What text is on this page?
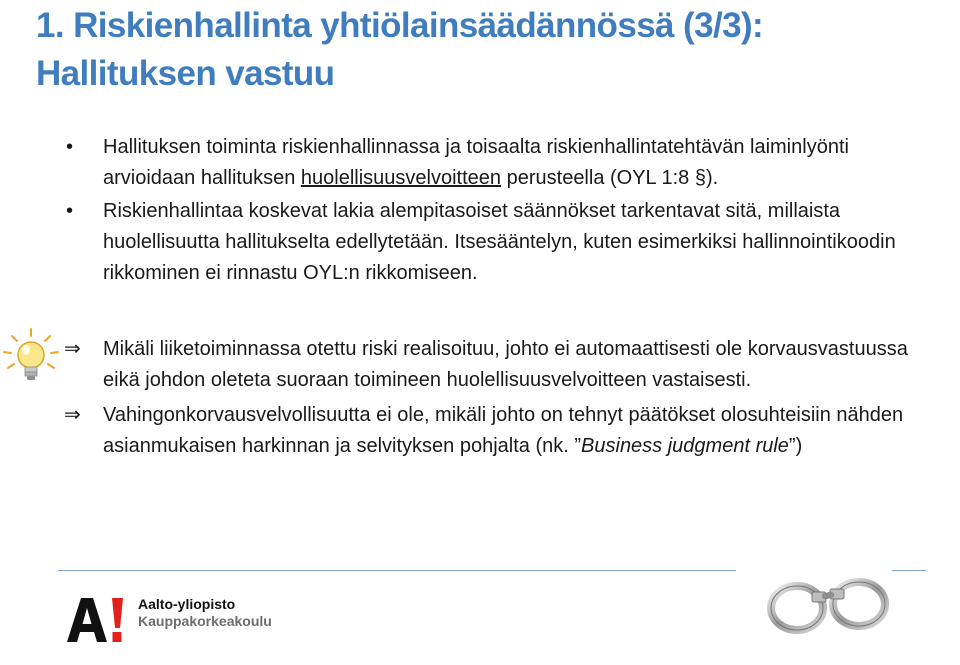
1. Riskienhallinta yhtiölainsäädännössä (3/3):
Hallituksen vastuu
• Hallituksen toiminta riskienhallinnassa ja toisaalta riskienhallintatehtävän laiminlyönti arvioidaan hallituksen huolellisuusvelvoitteen perusteella (OYL 1:8 §).
• Riskienhallintaa koskevat lakia alempitasoiset säännökset tarkentavat sitä, millaista huolellisuutta hallitukselta edellytetään. Itsesääntelyn, kuten esimerkiksi hallinnointikoodin rikkominen ei rinnastu OYL:n rikkomiseen.
⇒ Mikäli liiketoiminnassa otettu riski realisoituu, johto ei automaattisesti ole korvausvastuussa eikä johdon oleteta suoraan toimineen huolellisuusvelvoitteen vastaisesti.
⇒ Vahingonkorvausvelvollisuutta ei ole, mikäli johto on tehnyt päätökset olosuhteisiin nähden asianmukaisen harkinnan ja selvityksen pohjalta (nk. ”Business judgment rule”)
Aalto-yliopisto
Kauppakorkeakoulu
